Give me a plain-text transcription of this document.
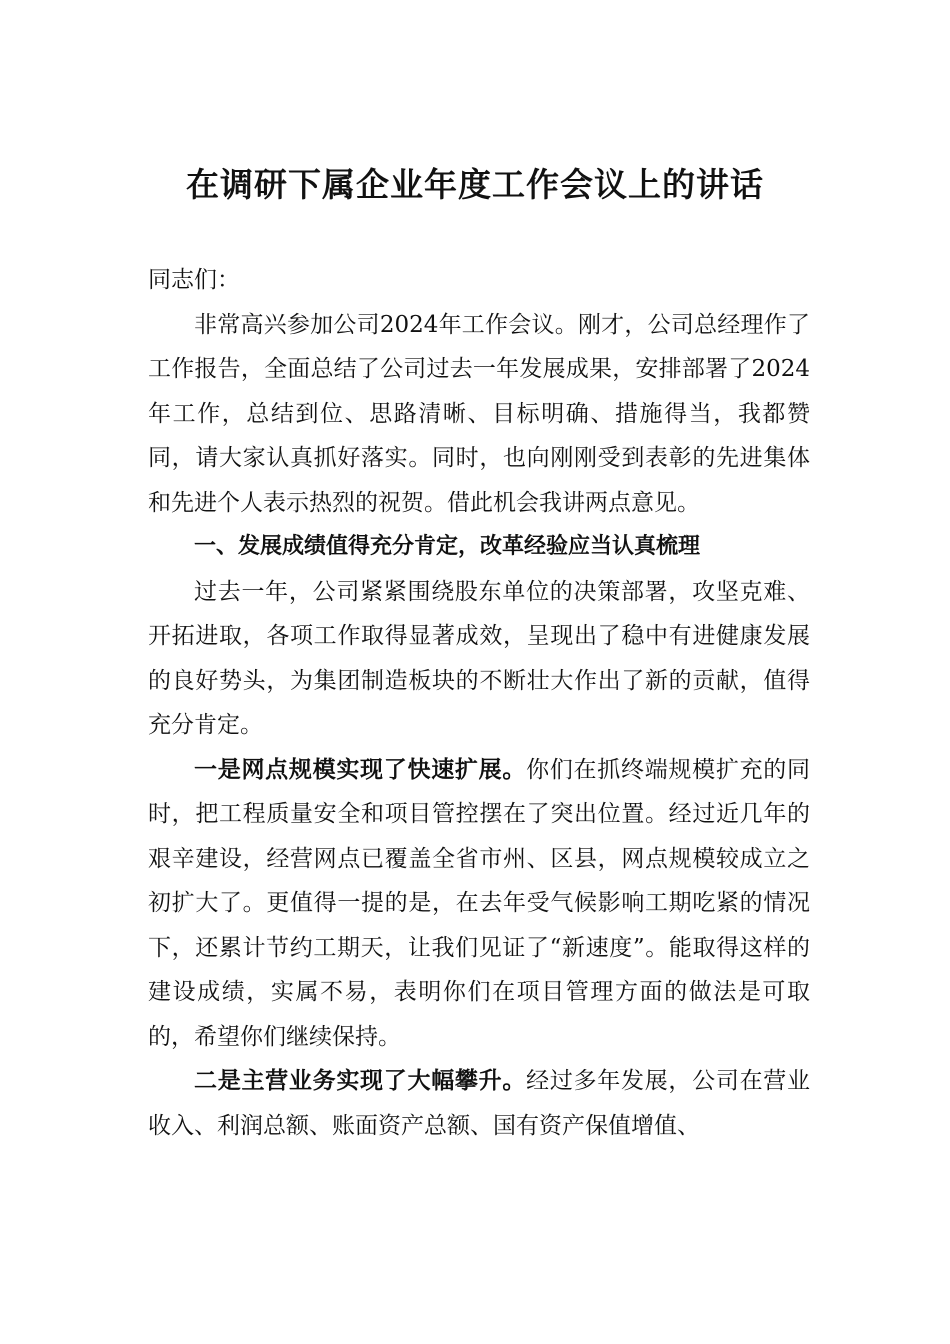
在调研下属企业年度工作会议上的讲话

同志们：

非常高兴参加公司2024年工作会议。刚才，公司总经理作了工作报告，全面总结了公司过去一年发展成果，安排部署了2024年工作，总结到位、思路清晰、目标明确、措施得当，我都赞同，请大家认真抓好落实。同时，也向刚刚受到表彰的先进集体和先进个人表示热烈的祝贺。借此机会我讲两点意见。

一、发展成绩值得充分肯定，改革经验应当认真梳理

过去一年，公司紧紧围绕股东单位的决策部署，攻坚克难、开拓进取，各项工作取得显著成效，呈现出了稳中有进健康发展的良好势头，为集团制造板块的不断壮大作出了新的贡献，值得充分肯定。

一是网点规模实现了快速扩展。你们在抓终端规模扩充的同时，把工程质量安全和项目管控摆在了突出位置。经过近几年的艰辛建设，经营网点已覆盖全省市州、区县，网点规模较成立之初扩大了。更值得一提的是，在去年受气候影响工期吃紧的情况下，还累计节约工期天，让我们见证了“新速度”。能取得这样的建设成绩，实属不易，表明你们在项目管理方面的做法是可取的，希望你们继续保持。

二是主营业务实现了大幅攀升。经过多年发展，公司在营业收入、利润总额、账面资产总额、国有资产保值增值、
